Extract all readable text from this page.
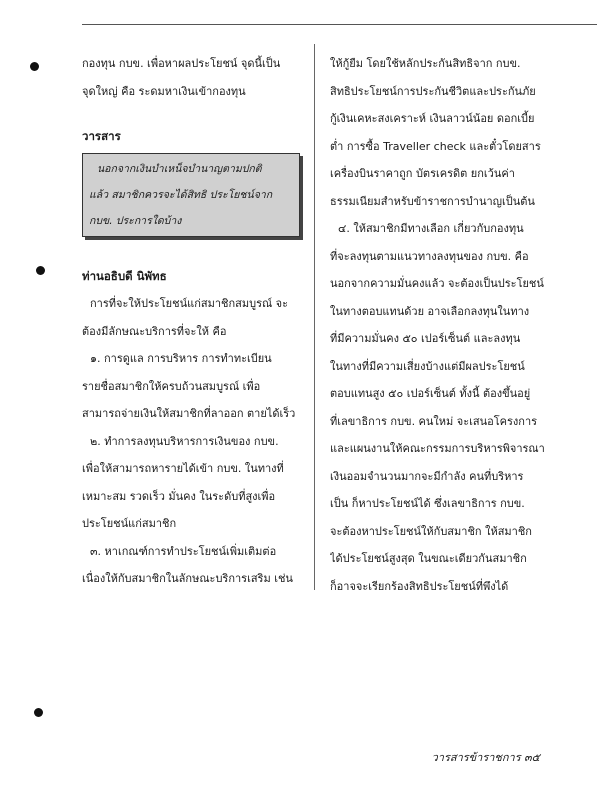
กองทุน กบข. เพื่อหาผลประโยชน์ จุดนี้เป็น
จุดใหญ่ คือ ระดมหาเงินเข้ากองทุน
วารสาร
นอกจากเงินบำเหน็จบำนาญตามปกติ
แล้ว สมาชิกควรจะได้สิทธิ ประโยชน์จาก
กบข. ประการใดบ้าง
ท่านอธิบดี นิพัทธ
การที่จะให้ประโยชน์แก่สมาชิกสมบูรณ์ จะ
ต้องมีลักษณะบริการที่จะให้ คือ
๑. การดูแล การบริหาร การทำทะเบียน
รายชื่อสมาชิกให้ครบถ้วนสมบูรณ์ เพื่อ
สามารถจ่ายเงินให้สมาชิกที่ลาออก ตายได้เร็ว
๒. ทำการลงทุนบริหารการเงินของ กบข.
เพื่อให้สามารถหารายได้เข้า กบข. ในทางที่
เหมาะสม รวดเร็ว มั่นคง ในระดับที่สูงเพื่อ
ประโยชน์แก่สมาชิก
๓. หาเกณฑ์การทำประโยชน์เพิ่มเติมต่อ
เนื่องให้กับสมาชิกในลักษณะบริการเสริม เช่น
ให้กู้ยืม โดยใช้หลักประกันสิทธิจาก กบข.
สิทธิประโยชน์การประกันชีวิตและประกันภัย
กู้เงินเคหะสงเคราะห์ เงินลาวน์น้อย ดอกเบี้ย
ต่ำ การซื้อ Traveller check และตั๋วโดยสาร
เครื่องบินราคาถูก บัตรเครดิต ยกเว้นค่า
ธรรมเนียมสำหรับข้าราชการบำนาญเป็นต้น
๔. ให้สมาชิกมีทางเลือก เกี่ยวกับกองทุน
ที่จะลงทุนตามแนวทางลงทุนของ กบข. คือ
นอกจากความมั่นคงแล้ว จะต้องเป็นประโยชน์
ในทางตอบแทนด้วย อาจเลือกลงทุนในทาง
ที่มีความมั่นคง ๕๐ เปอร์เซ็นต์ และลงทุน
ในทางที่มีความเสี่ยงบ้างแต่มีผลประโยชน์
ตอบแทนสูง ๕๐ เปอร์เซ็นต์ ทั้งนี้ ต้องขึ้นอยู่
ที่เลขาธิการ กบข. คนใหม่ จะเสนอโครงการ
และแผนงานให้คณะกรรมการบริหารพิจารณา
เงินออมจำนวนมากจะมีกำลัง คนที่บริหาร
เป็น ก็หาประโยชน์ได้ ซึ่งเลขาธิการ กบข.
จะต้องหาประโยชน์ให้กับสมาชิก ให้สมาชิก
ได้ประโยชน์สูงสุด ในขณะเดียวกันสมาชิก
ก็อาจจะเรียกร้องสิทธิประโยชน์ที่พึงได้
วารสารข้าราชการ ๓๕
